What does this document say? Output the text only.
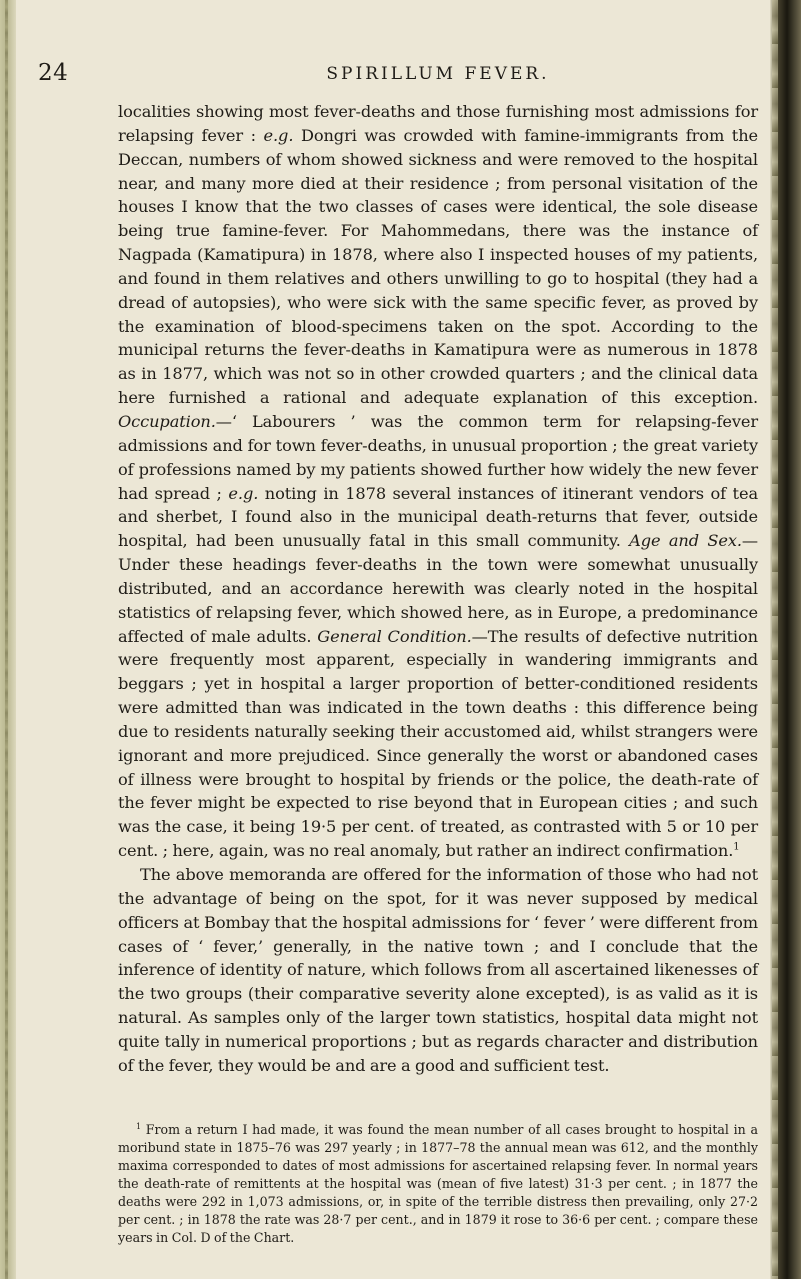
24	SPIRILLUM FEVER.

localities showing most fever-deaths and those furnishing most admissions for relapsing fever : e.g. Dongri was crowded with famine-immigrants from the Deccan, numbers of whom showed sickness and were removed to the hospital near, and many more died at their residence ; from personal visitation of the houses I know that the two classes of cases were identical, the sole disease being true famine-fever. For Mahommedans, there was the instance of Nagpada (Kamatipura) in 1878, where also I inspected houses of my patients, and found in them relatives and others unwilling to go to hospital (they had a dread of autopsies), who were sick with the same specific fever, as proved by the examination of blood-specimens taken on the spot. According to the municipal returns the fever-deaths in Kamatipura were as numerous in 1878 as in 1877, which was not so in other crowded quarters ; and the clinical data here furnished a rational and adequate explanation of this exception. Occupation.—‘ Labourers ’ was the common term for relapsing-fever admissions and for town fever-deaths, in unusual proportion ; the great variety of professions named by my patients showed further how widely the new fever had spread ; e.g. noting in 1878 several instances of itinerant vendors of tea and sherbet, I found also in the municipal death-returns that fever, outside hospital, had been unusually fatal in this small community. Age and Sex.—Under these headings fever-deaths in the town were somewhat unusually distributed, and an accordance herewith was clearly noted in the hospital statistics of relapsing fever, which showed here, as in Europe, a predominance affected of male adults. General Condition.—The results of defective nutrition were frequently most apparent, especially in wandering immigrants and beggars ; yet in hospital a larger proportion of better-conditioned residents were admitted than was indicated in the town deaths : this difference being due to residents naturally seeking their accustomed aid, whilst strangers were ignorant and more prejudiced. Since generally the worst or abandoned cases of illness were brought to hospital by friends or the police, the death-rate of the fever might be expected to rise beyond that in European cities ; and such was the case, it being 19·5 per cent. of treated, as contrasted with 5 or 10 per cent. ; here, again, was no real anomaly, but rather an indirect confirmation.$^1$

The above memoranda are offered for the information of those who had not the advantage of being on the spot, for it was never supposed by medical officers at Bombay that the hospital admissions for ‘ fever ’ were different from cases of ‘ fever,’ generally, in the native town ; and I conclude that the inference of identity of nature, which follows from all ascertained likenesses of the two groups (their comparative severity alone excepted), is as valid as it is natural. As samples only of the larger town statistics, hospital data might not quite tally in numerical proportions ; but as regards character and distribution of the fever, they would be and are a good and sufficient test.

$^1$ From a return I had made, it was found the mean number of all cases brought to hospital in a moribund state in 1875–76 was 297 yearly ; in 1877–78 the annual mean was 612, and the monthly maxima corresponded to dates of most admissions for ascertained relapsing fever. In normal years the death-rate of remittents at the hospital was (mean of five latest) 31·3 per cent. ; in 1877 the deaths were 292 in 1,073 admissions, or, in spite of the terrible distress then prevailing, only 27·2 per cent. ; in 1878 the rate was 28·7 per cent., and in 1879 it rose to 36·6 per cent. ; compare these years in Col. D of the Chart.
